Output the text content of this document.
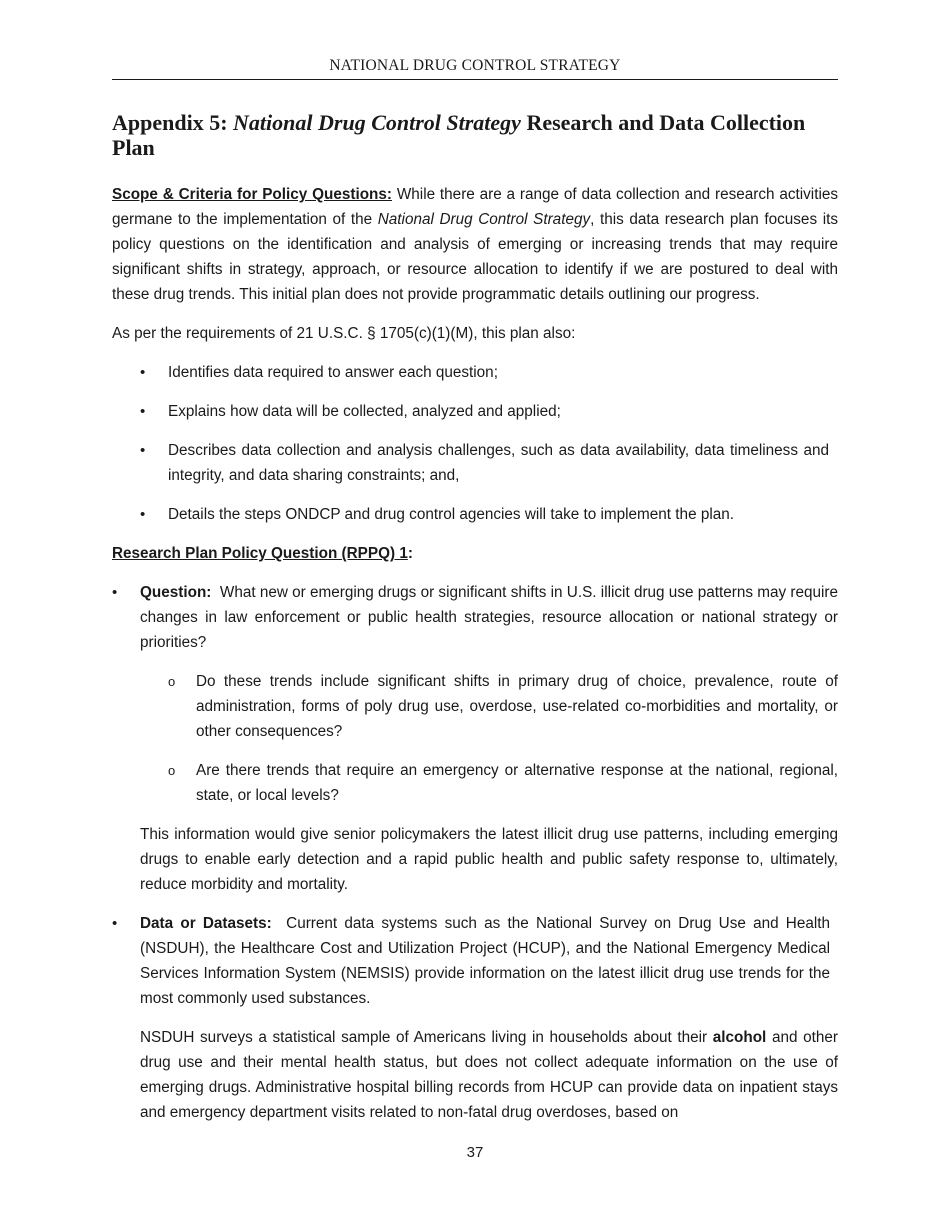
NATIONAL DRUG CONTROL STRATEGY
Appendix 5: National Drug Control Strategy Research and Data Collection Plan

Scope & Criteria for Policy Questions: While there are a range of data collection and research activities germane to the implementation of the National Drug Control Strategy, this data research plan focuses its policy questions on the identification and analysis of emerging or increasing trends that may require significant shifts in strategy, approach, or resource allocation to identify if we are postured to deal with these drug trends. This initial plan does not provide programmatic details outlining our progress.

As per the requirements of 21 U.S.C. § 1705(c)(1)(M), this plan also:

• Identifies data required to answer each question;
• Explains how data will be collected, analyzed and applied;
• Describes data collection and analysis challenges, such as data availability, data timeliness and integrity, and data sharing constraints; and,
• Details the steps ONDCP and drug control agencies will take to implement the plan.

Research Plan Policy Question (RPPQ) 1:

• Question: What new or emerging drugs or significant shifts in U.S. illicit drug use patterns may require changes in law enforcement or public health strategies, resource allocation or national strategy or priorities?

o Do these trends include significant shifts in primary drug of choice, prevalence, route of administration, forms of poly drug use, overdose, use-related co-morbidities and mortality, or other consequences?
o Are there trends that require an emergency or alternative response at the national, regional, state, or local levels?

This information would give senior policymakers the latest illicit drug use patterns, including emerging drugs to enable early detection and a rapid public health and public safety response to, ultimately, reduce morbidity and mortality.

• Data or Datasets: Current data systems such as the National Survey on Drug Use and Health (NSDUH), the Healthcare Cost and Utilization Project (HCUP), and the National Emergency Medical Services Information System (NEMSIS) provide information on the latest illicit drug use trends for the most commonly used substances.

NSDUH surveys a statistical sample of Americans living in households about their alcohol and other drug use and their mental health status, but does not collect adequate information on the use of emerging drugs. Administrative hospital billing records from HCUP can provide data on inpatient stays and emergency department visits related to non-fatal drug overdoses, based on

37
